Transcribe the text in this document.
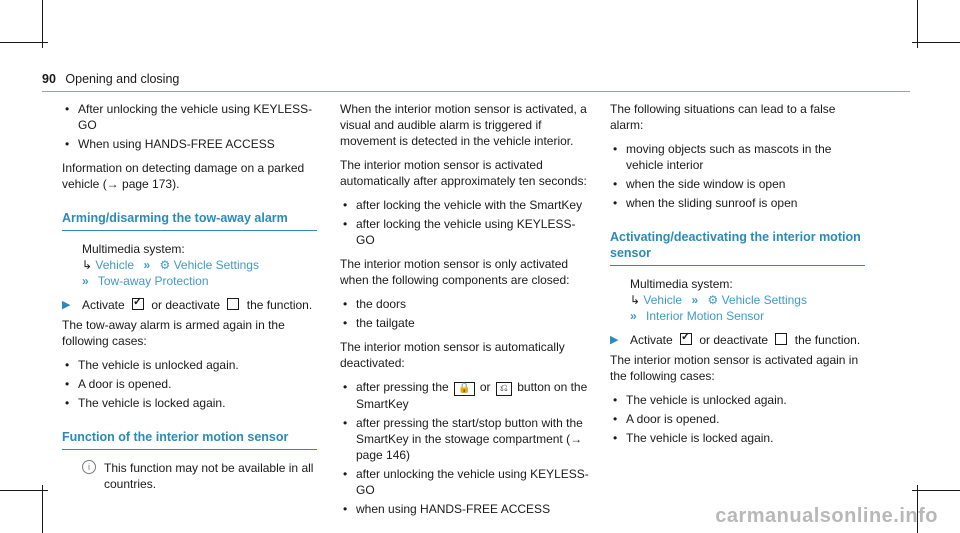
90 Opening and closing
• After unlocking the vehicle using KEYLESS-GO
• When using HANDS-FREE ACCESS

Information on detecting damage on a parked vehicle (→ page 173).

Arming/disarming the tow-away alarm
Multimedia system:
↳ Vehicle » ⚙ Vehicle Settings
» Tow-away Protection
▶ Activate ✓ or deactivate the function.

The tow-away alarm is armed again in the following cases:

• The vehicle is unlocked again.
• A door is opened.
• The vehicle is locked again.
Function of the interior motion sensor
i	This function may not be available in all countries.

When the interior motion sensor is activated, a visual and audible alarm is triggered if movement is detected in the vehicle interior.

The interior motion sensor is activated automatically after approximately ten seconds:

• after locking the vehicle with the SmartKey
• after locking the vehicle using KEYLESS-GO

The interior motion sensor is only activated when the following components are closed:

• the doors
• the tailgate

The interior motion sensor is automatically deactivated:

• after pressing the 🔒 or ⎌ button on the SmartKey
• after pressing the start/stop button with the SmartKey in the stowage compartment (→ page 146)
• after unlocking the vehicle using KEYLESS-GO
• when using HANDS-FREE ACCESS

The following situations can lead to a false alarm:

• moving objects such as mascots in the vehicle interior
• when the side window is open
• when the sliding sunroof is open
Activating/deactivating the interior motion sensor
Multimedia system:
↳ Vehicle » ⚙ Vehicle Settings
» Interior Motion Sensor
▶ Activate ✓ or deactivate the function.

The interior motion sensor is activated again in the following cases:

• The vehicle is unlocked again.
• A door is opened.
• The vehicle is locked again.
carmanualsonline.info
